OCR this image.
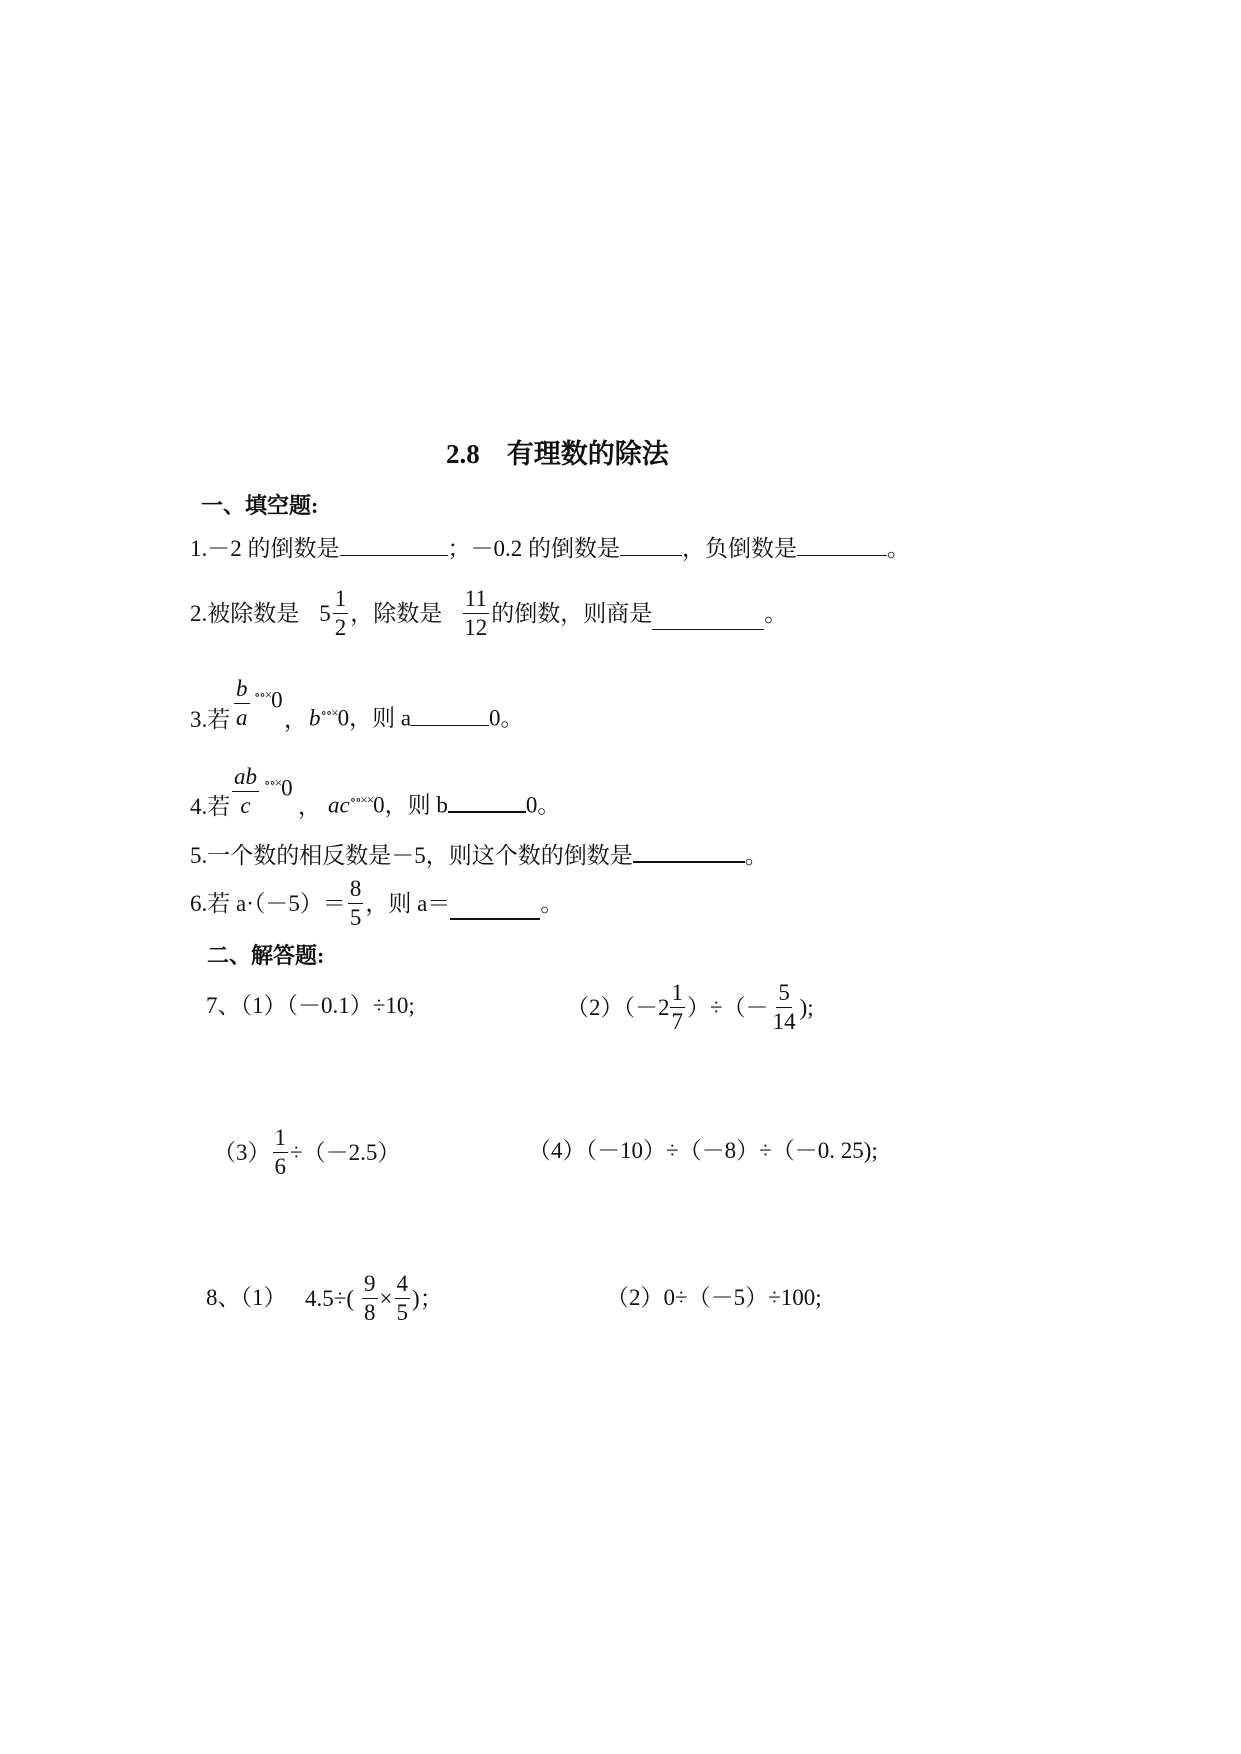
2.8　有理数的除法
一、填空题:
1.－2 的倒数是	；－0.2 的倒数是	，负倒数是	。
2.被除数是 $5 \frac{1}{2}$ ，除数是 $\frac{11}{12}$ 的倒数，则商是	。
3.若 $\frac{b}{a} ^{\circ\circ\times}0$
， b∘∘×0，则 a	0。
4.若 $\frac{ab}{c} ^{\circ\circ\times}0$
， ac∘∘××0，则 b	0。
5.一个数的相反数是－5，则这个数的倒数是	。
6.若 $a\cdot(-5)= \frac{8}{5}$ ，则 a＝	。
二、解答题:
7、（1）（－0.1）÷10;	$(2)(-2 \frac{1}{7}$ ）÷（－ $\frac{5}{14}$ );
$(3) \frac{1}{6} \div(-2.5)$	（4）（－10）÷（－8）÷（－0. 25);
8、（1） $4.5\div( \frac{9}{8} \times \frac{4}{5}$ )；	（2）0÷（－5）÷100;
